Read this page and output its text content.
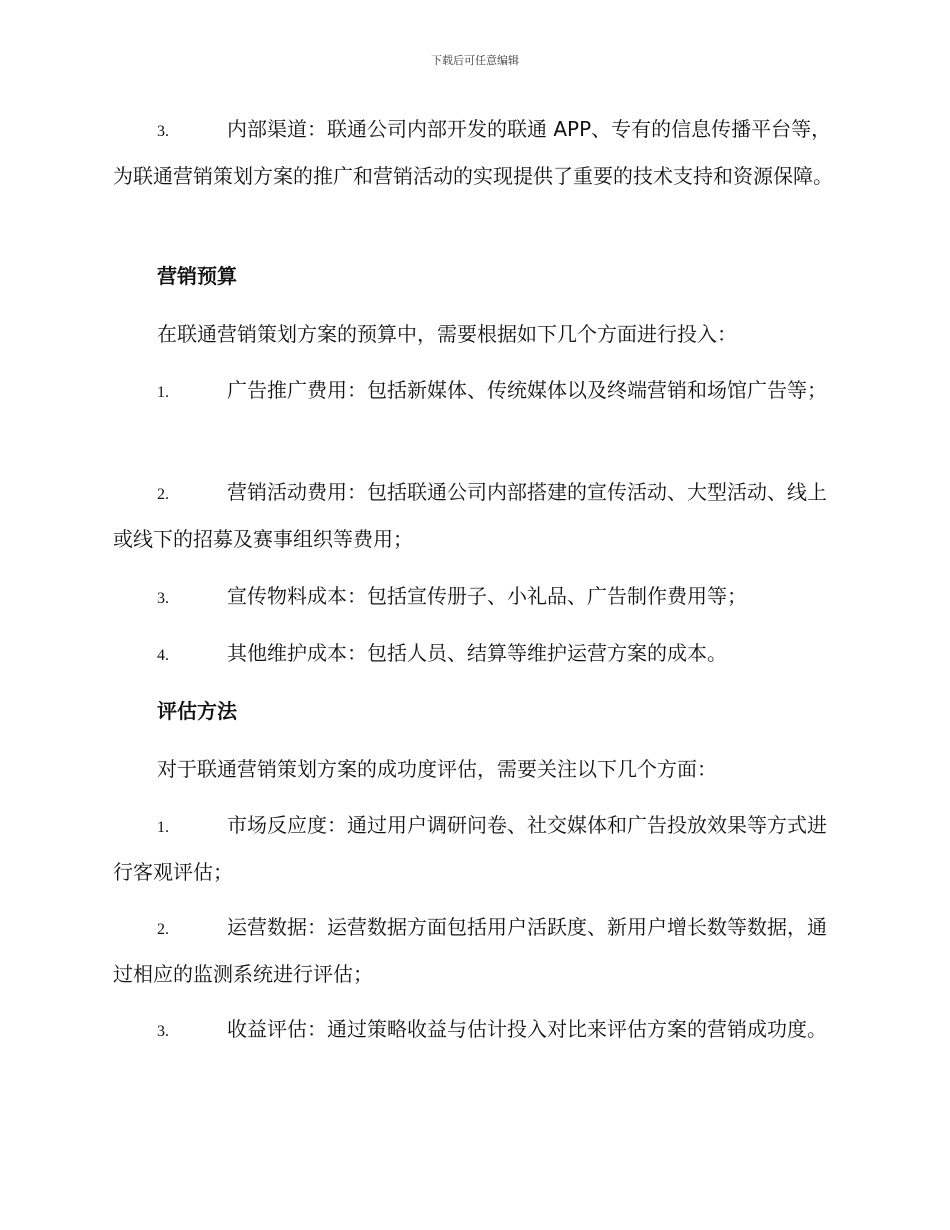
下载后可任意编辑

3.	内部渠道：联通公司内部开发的联通 APP、专有的信息传播平台等，为联通营销策划方案的推广和营销活动的实现提供了重要的技术支持和资源保障。

营销预算

在联通营销策划方案的预算中，需要根据如下几个方面进行投入：

1.	广告推广费用：包括新媒体、传统媒体以及终端营销和场馆广告等；

2.	营销活动费用：包括联通公司内部搭建的宣传活动、大型活动、线上或线下的招募及赛事组织等费用；

3.	宣传物料成本：包括宣传册子、小礼品、广告制作费用等；

4.	其他维护成本：包括人员、结算等维护运营方案的成本。

评估方法

对于联通营销策划方案的成功度评估，需要关注以下几个方面：

1.	市场反应度：通过用户调研问卷、社交媒体和广告投放效果等方式进行客观评估；

2.	运营数据：运营数据方面包括用户活跃度、新用户增长数等数据，通过相应的监测系统进行评估；

3.	收益评估：通过策略收益与估计投入对比来评估方案的营销成功度。
